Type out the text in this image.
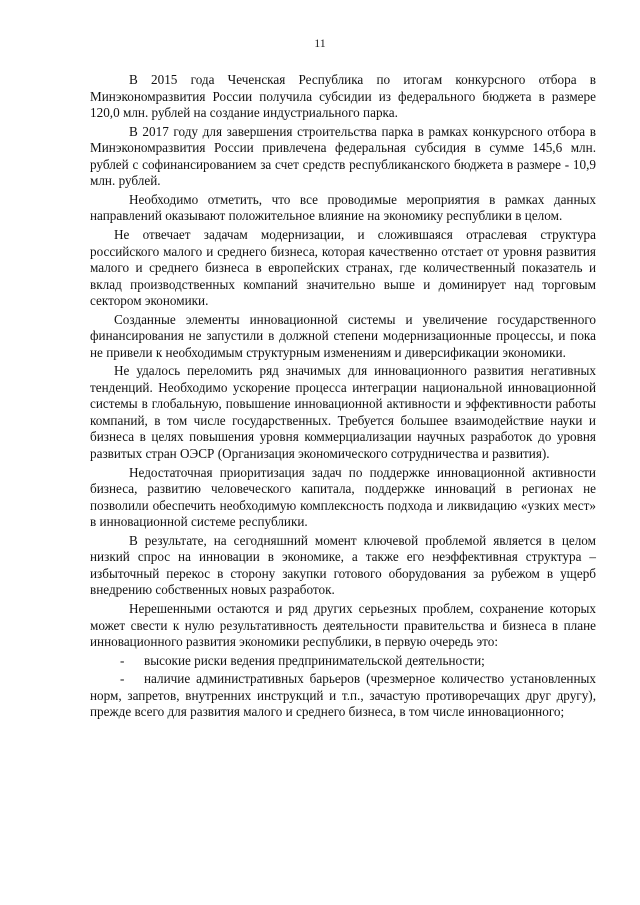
11

В 2015 года Чеченская Республика по итогам конкурсного отбора в Минэкономразвития России получила субсидии из федерального бюджета в размере 120,0 млн. рублей на создание индустриального парка.

В 2017 году для завершения строительства парка в рамках конкурсного отбора в Минэкономразвития России привлечена федеральная субсидия в сумме 145,6 млн. рублей с софинансированием за счет средств республиканского бюджета в размере - 10,9 млн. рублей.

Необходимо отметить, что все проводимые мероприятия в рамках данных направлений оказывают положительное влияние на экономику республики в целом.

Не отвечает задачам модернизации, и сложившаяся отраслевая структура российского малого и среднего бизнеса, которая качественно отстает от уровня развития малого и среднего бизнеса в европейских странах, где количественный показатель и вклад производственных компаний значительно выше и доминирует над торговым сектором экономики.

Созданные элементы инновационной системы и увеличение государственного финансирования не запустили в должной степени модернизационные процессы, и пока не привели к необходимым структурным изменениям и диверсификации экономики.

Не удалось переломить ряд значимых для инновационного развития негативных тенденций. Необходимо ускорение процесса интеграции национальной инновационной системы в глобальную, повышение инновационной активности и эффективности работы компаний, в том числе государственных. Требуется большее взаимодействие науки и бизнеса в целях повышения уровня коммерциализации научных разработок до уровня развитых стран ОЭСР (Организация экономического сотрудничества и развития).

Недостаточная приоритизация задач по поддержке инновационной активности бизнеса, развитию человеческого капитала, поддержке инноваций в регионах не позволили обеспечить необходимую комплексность подхода и ликвидацию «узких мест» в инновационной системе республики.

В результате, на сегодняшний момент ключевой проблемой является в целом низкий спрос на инновации в экономике, а также его неэффективная структура – избыточный перекос в сторону закупки готового оборудования за рубежом в ущерб внедрению собственных новых разработок.

Нерешенными остаются и ряд других серьезных проблем, сохранение которых может свести к нулю результативность деятельности правительства и бизнеса в плане инновационного развития экономики республики, в первую очередь это:

- высокие риски ведения предпринимательской деятельности;

- наличие административных барьеров (чрезмерное количество установленных норм, запретов, внутренних инструкций и т.п., зачастую противоречащих друг другу), прежде всего для развития малого и среднего бизнеса, в том числе инновационного;
